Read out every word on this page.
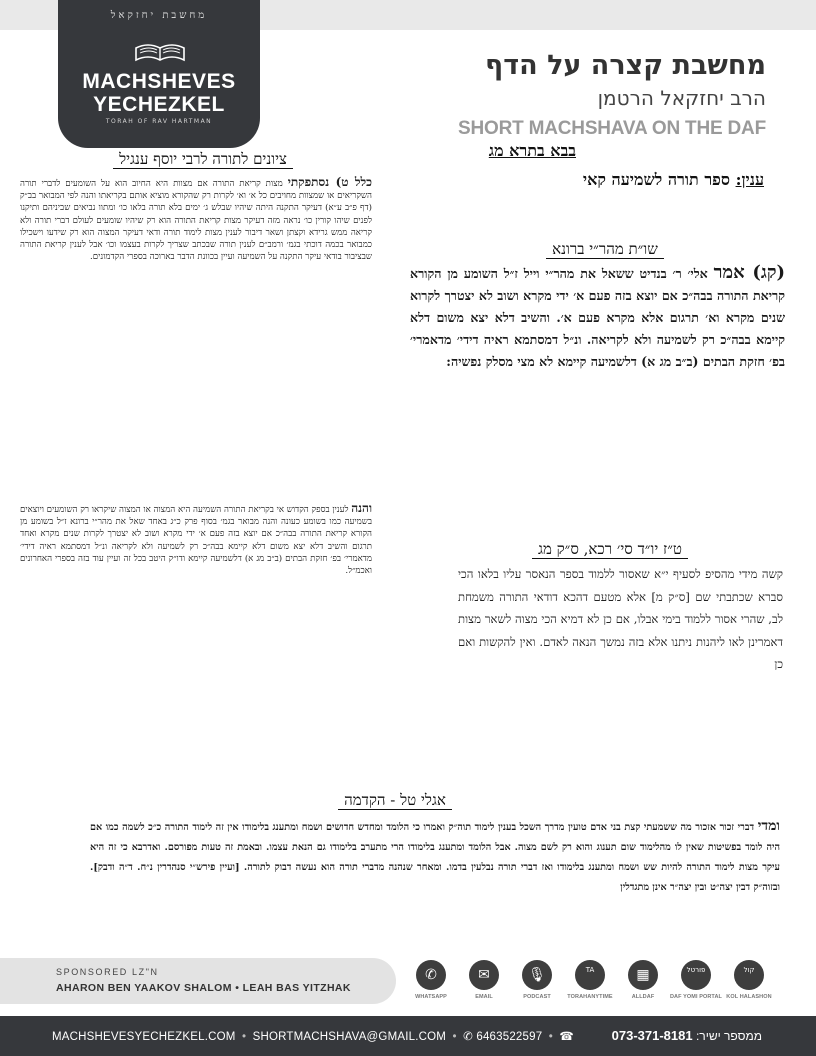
מחשבת יחזקאל
MACHSHEVES
YECHEZKEL
TORAH OF RAV HARTMAN
מחשבת קצרה על הדף
הרב יחזקאל הרטמן
SHORT MACHSHAVA ON THE DAF
בבא בתרא מג
ענין: ספר תורה לשמיעה קאי
ציונים לתורה לרבי יוסף ענגיל
כלל ט) נסתפקתי מצות קריאת התורה אם מצוות היא החיוב הוא על השומעים לדברי תורה השקריאים או שמצוות מחויבים כל א׳ וא׳ לקרות רק שהקורא מוציא אותם בקריאתו והנה לפי המבואר בב״ק (דף פ״ב ע״א) דעיקר התקנה היתה שיהיו שבלש ג׳ ימים בלא תורה בלאו כו׳ ומתוו נביאים שביניהם ותיקנו לפנים שיהו קורין כו׳ נראה מזה דעיקר מצות קריאת התורה הוא רק שיהיו שומעים לעולם דברי תורה ולא קריאה ממש גרידא וקצתן ושאר דיבור לענין מצות לימוד תורה ודאי דעיקר המצוה הוא רק שידעו וישכילו כמבואר בכמה דוכתי בגמ׳ ורמב״ם לענין תורה שבכתב שצריך לקרות בעצמו וכו׳ אבל לענין קריאת התורה שבציבור בודאי עיקר התקנה על השמיעה ועיין בכוונת הדבר בארוכה בספרי הקדמונים.
והנה לענין בספק הקדוש אי בקריאת התורה השמיעה היא המצוה או המצוה שיקראו רק השומעים ויוצאים בשמיעה כמו בשומע כעונה והנה מבואר בגמ׳ בסוף פרק כ״ג באחד שאל את מהר״י ברונא ז״ל בשומע מן הקורא קריאת התורה בבה״כ אם יוצא בזה פעם א׳ ידי מקרא ושוב לא יצטרך לקרות שנים מקרא ואחד תרגום והשיב דלא יצא משום דלא קיימא בבה״כ רק לשמיעה ולא לקריאה ונ״ל דמסתמא ראיה דידי׳ מדאמרי׳ בפ׳ חזקת הבתים (ב״ב מג א) דלשמיעה קיימא ודו״ק היטב בכל זה ועיין עוד בזה בספרי האחרונים ואכמ״ל.
שו״ת מהר״י ברונא
(קג) אמר אלי׳ ר׳ בנדיט ששאל את מהר״י וייל ז״ל השומע מן הקורא קריאת התורה בבה״כ אם יוצא בזה פעם א׳ ידי מקרא ושוב לא יצטרך לקרוא שנים מקרא וא׳ תרגום אלא מקרא פעם א׳. והשיב דלא יצא משום דלא קיימא בבה״כ רק לשמיעה ולא לקריאה. ונ״ל דמסתמא ראיה דידי׳ מדאמרי׳ בפ׳ חזקת הבתים (ב״ב מג א) דלשמיעה קיימא לא מצי מסלק נפשיה:
ט״ז יו״ד סי׳ רכא, ס״ק מג
קשה מידי מהסיפ לסעיף י״א שאסור ללמוד בספר הנאסר עליו בלאו הכי סברא שכתבתי שם [ס״ק מ] אלא מטעם דהכא דודאי התורה משמחת לב, שהרי אסור ללמוד בימי אבלו, אם כן לא דמיא הכי מצוה לשאר מצות דאמרינן לאו ליהנות ניתנו אלא בזה נמשך הנאה לאדם. ואין להקשות ואם כן
אגלי טל - הקדמה
ומדי דברי זכור אזכור מה ששמעתי קצת בני אדם טועין מדרך השכל בענין לימוד תוה״ק ואמרו כי הלומד ומחדש חדושים ושמח ומתענג בלימודו אין זה לימוד התורה כ״כ לשמה כמו אם היה לומד בפשיטות שאין לו מהלימוד שום תענוג והוא רק לשם מצוה. אבל הלומד ומתענג בלימודו הרי מתערב בלימודו גם הנאת עצמו. ובאמת זה טעות מפורסם. ואדרבא כי זה היא עיקר מצות לימוד התורה להיות שש ושמח ומתענג בלימודו ואז דברי תורה נבלעין בדמו. ומאחר שנהנה מדברי תורה הוא נעשה דבוק לתורה. [ועיין פירש״י סנהדרין נ״ח. ד״ה ודבק]. ובזוה״ק דבין יצה״ט ובין יצה״ר אינן מתגדלין
SPONSORED LZ"N
AHARON BEN YAAKOV SHALOM • LEAH BAS YITZHAK
✆
WHATSAPP
✉
EMAIL
🎙
PODCAST
TA
TORAHANYTIME
▦
ALLDAF
פורטל
DAF YOMI PORTAL
קול
KOL HALASHON
MACHSHEVESYECHEZKEL.COM • SHORTMACHSHAVA@GMAIL.COM • ✆ 6463522597 • ☎	ממספר ישיר: 073-371-8181
